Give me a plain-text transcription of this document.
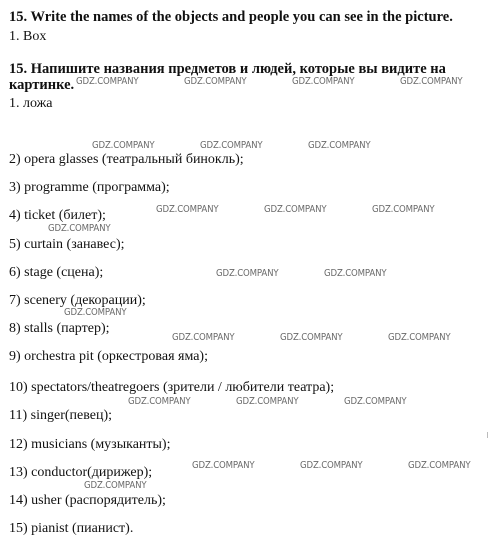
15. Write the names of the objects and people you can see in the picture.
1. Box
15. Напишите названия предметов и людей, которые вы видите на
картинке.
1. ложа
2) opera glasses (театральный бинокль);
3) programme (программа);
4) ticket (билет);
5) curtain (занавес);
6) stage (сцена);
7) scenery (декорации);
8) stalls (партер);
9) orchestra pit (оркестровая яма);
10) spectators/theatregoers (зрители / любители театра);
11) singer(певец);
12) musicians (музыканты);
13) conductor(дирижер);
14) usher (распорядитель);
15) pianist (пианист).
GDZ.COMPANY	GDZ.COMPANY	GDZ.COMPANY	GDZ.COMPANY
GDZ.COMPANY	GDZ.COMPANY	GDZ.COMPANY
GDZ.COMPANY	GDZ.COMPANY	GDZ.COMPANY
GDZ.COMPANY
GDZ.COMPANY	GDZ.COMPANY
GDZ.COMPANY
GDZ.COMPANY	GDZ.COMPANY	GDZ.COMPANY
GDZ.COMPANY	GDZ.COMPANY	GDZ.COMPANY
GDZ.COMPANY	GDZ.COMPANY	GDZ.COMPANY
GDZ.COMPANY
